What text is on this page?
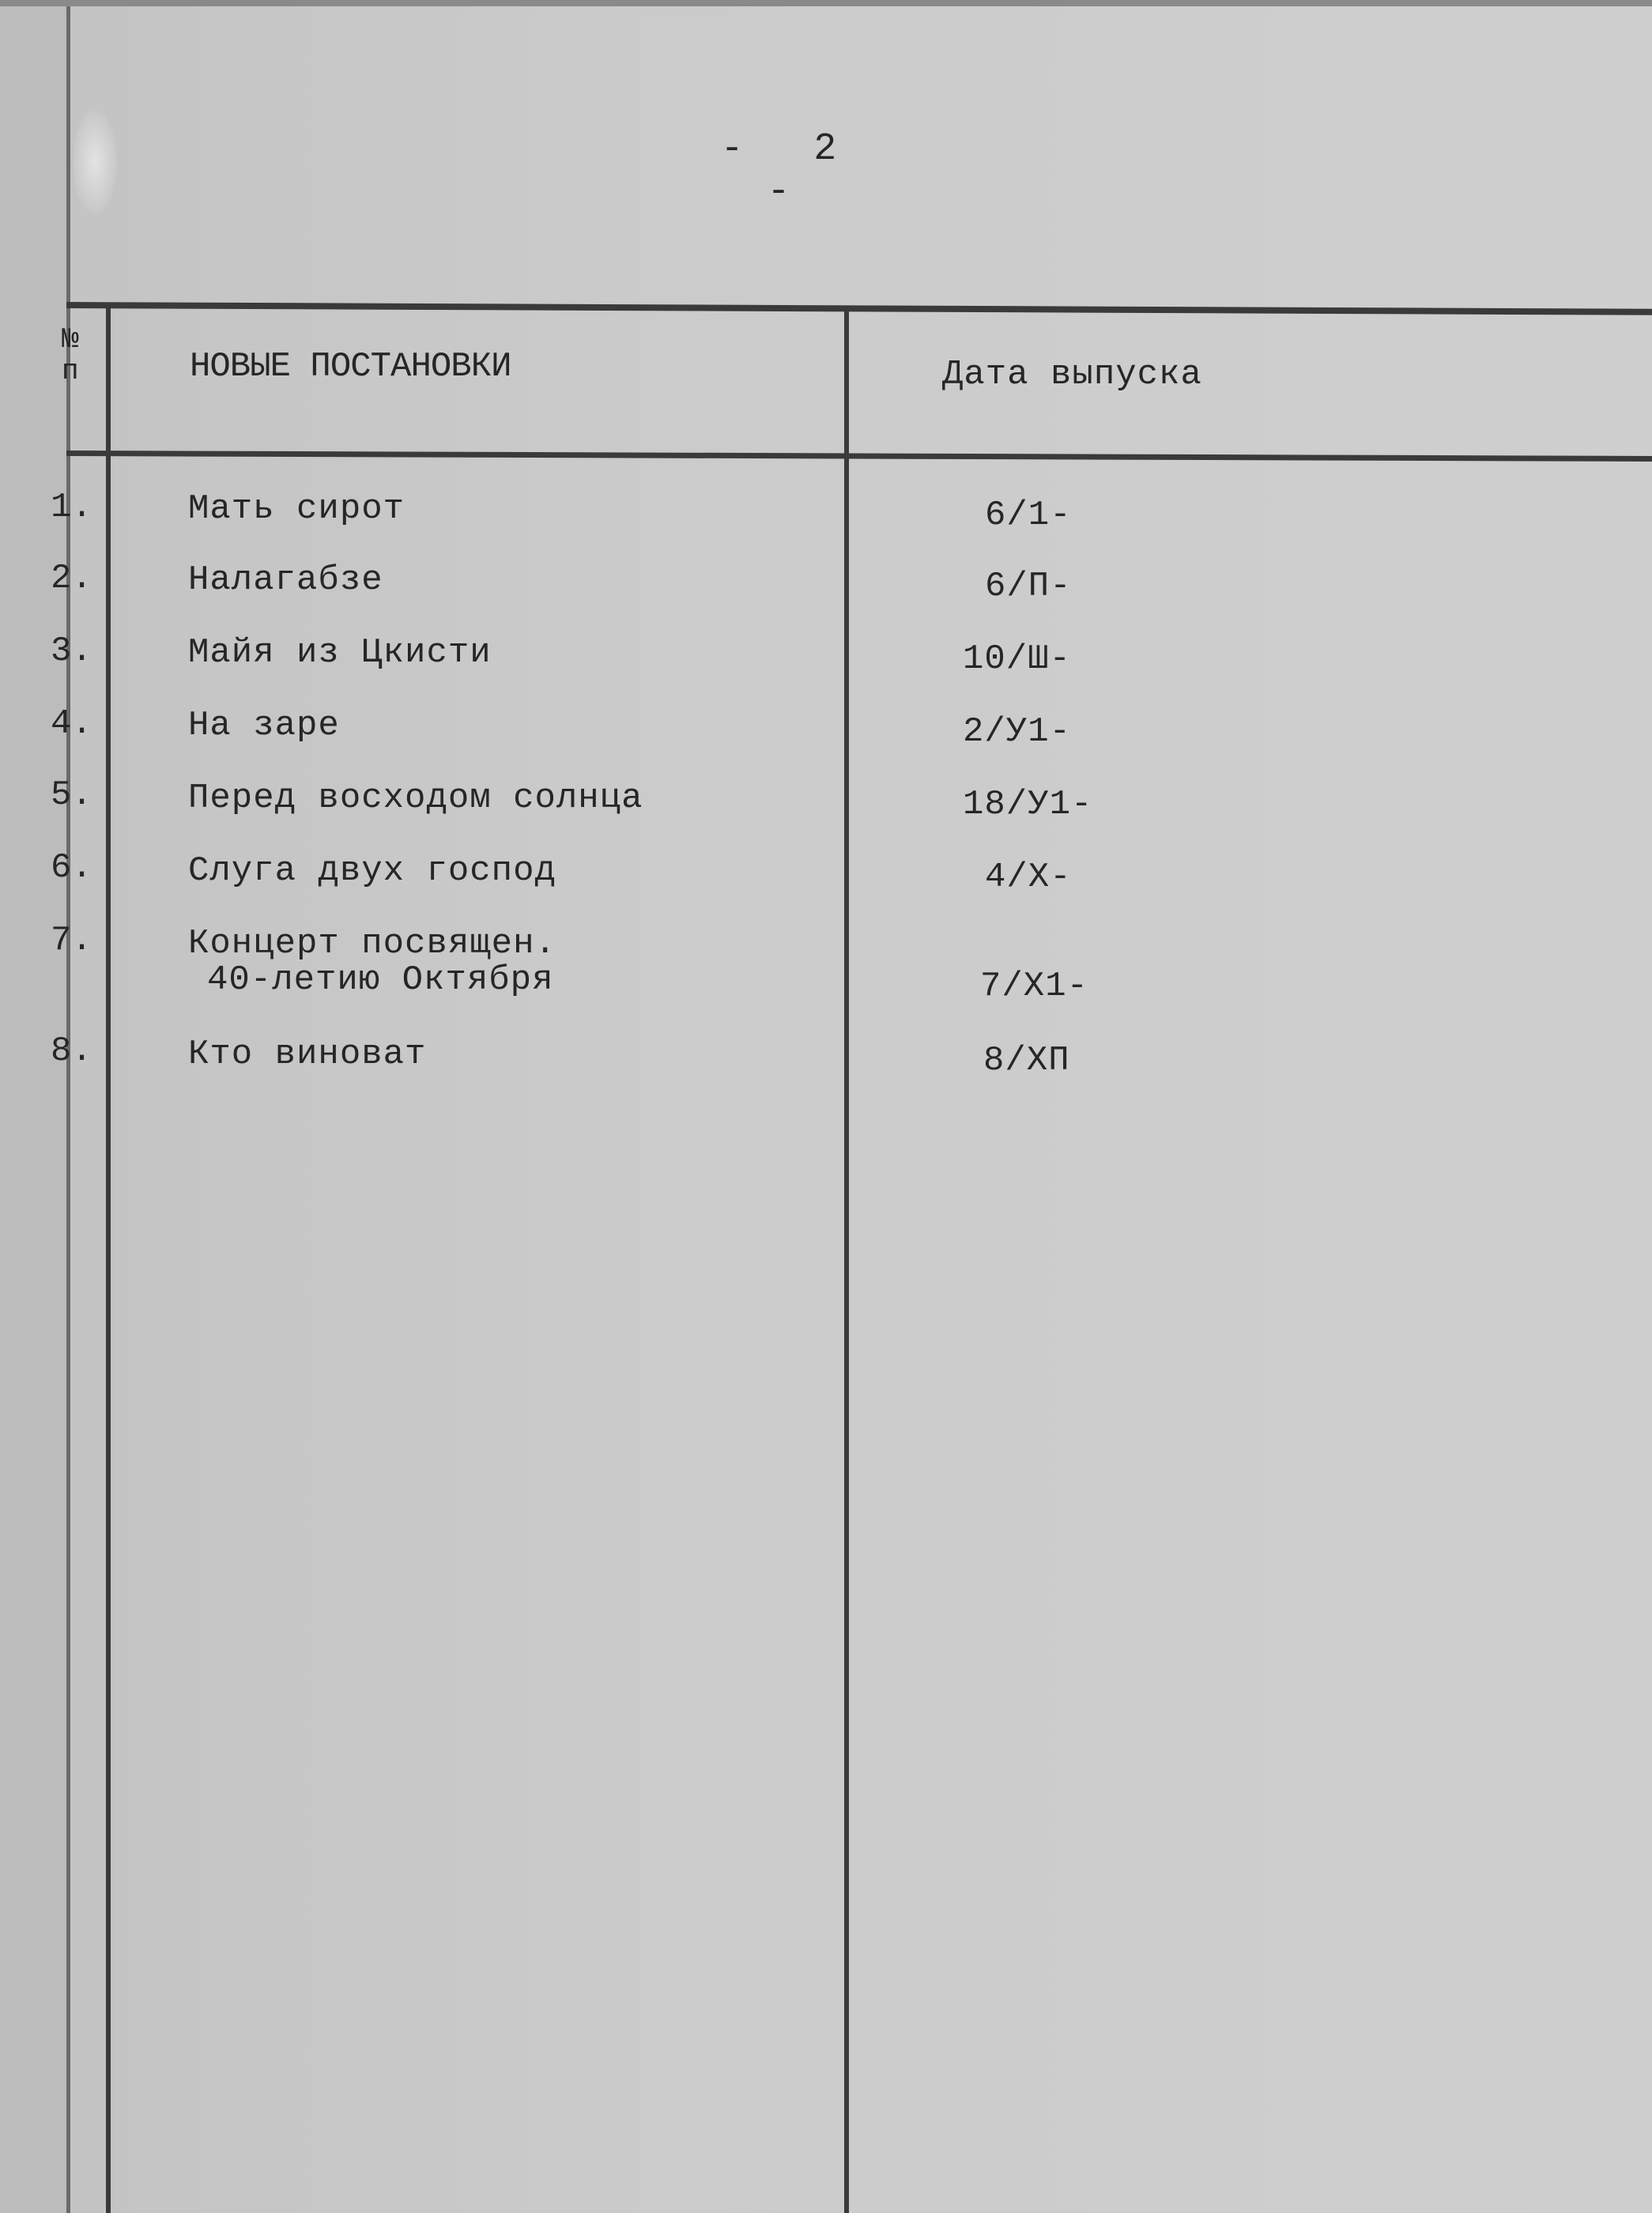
- 2 -
№
п	НОВЫЕ ПОСТАНОВКИ	Дата выпуска
1.	Мать сирот	6/1-
2.	Налагабзе	6/П-
3.	Майя из Цкисти	10/Ш-
4.	На заре	2/У1-
5.	Перед восходом солнца	18/У1-
6.	Слуга двух господ	4/Х-
7.	Концерт посвящен.
40-летию Октября	7/Х1-
8.	Кто виноват	8/ХП
